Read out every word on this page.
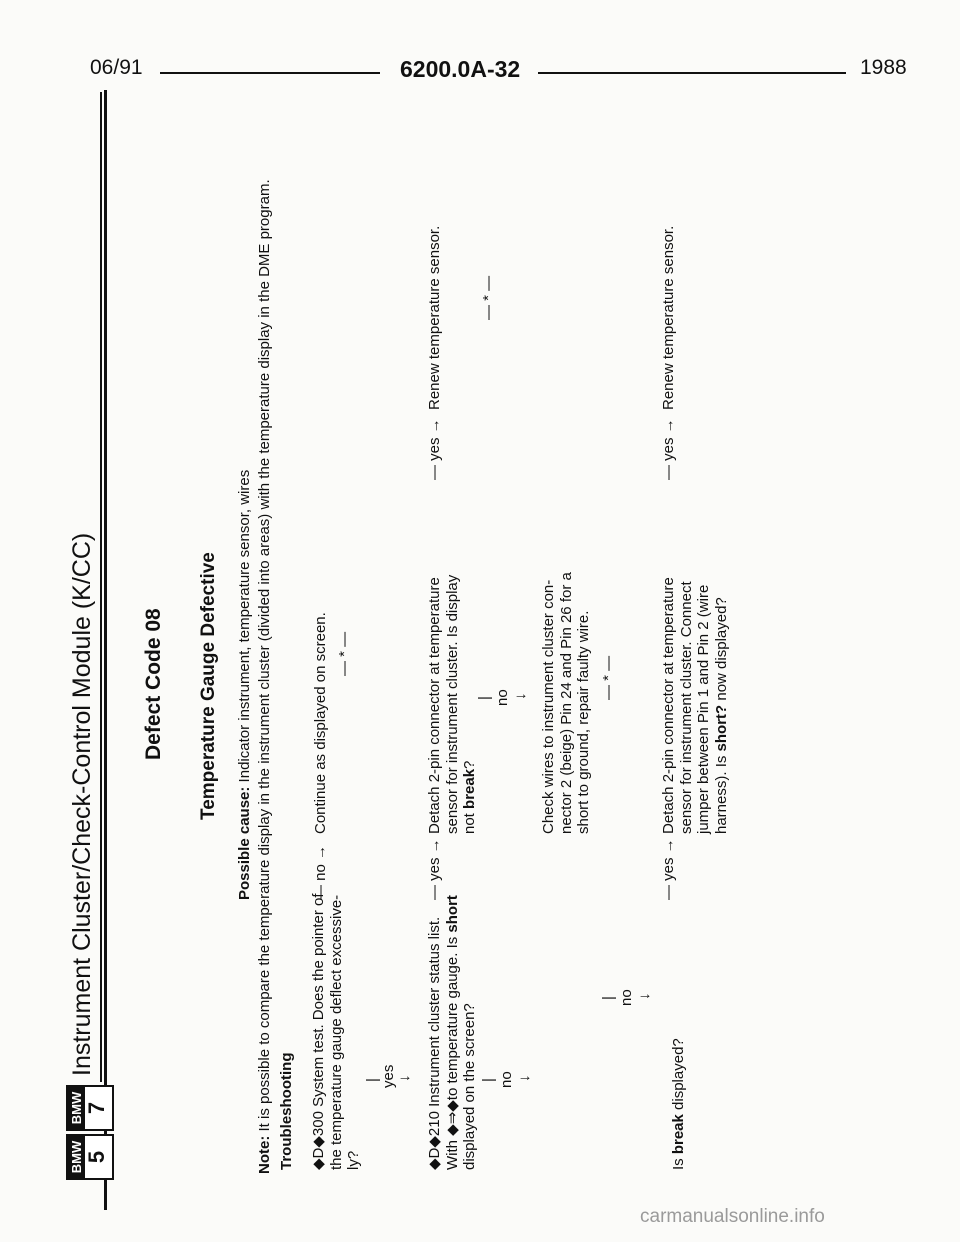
06/91	6200.0A-32	1988
BMW 5
BMW 7
Instrument Cluster/Check-Control Module (K/CC) Defect Code 08 Temperature Gauge Defective
Possible cause: Indicator instrument, temperature sensor, wires
Note: It is possible to compare the temperature display in the instrument cluster (divided into areas) with the temperature display in the DME program. Troubleshooting ◆D◆300 System test. Does the pointer of the temperature gauge deflect excessive- ly?
— no →
Continue as displayed on screen. — * —
| yes ↓ ◆D◆210 Instrument cluster status list. With ◆⇒◆to temperature gauge. Is short
displayed on the screen?
— yes →
Detach 2-pin connector at temperature sensor for instrument cluster. Is display not break?
— yes →
Renew temperature sensor. — * —
| no ↓ Check wires to instrument cluster con- nector 2 (beige) Pin 24 and Pin 26 for a short to ground, repair faulty wire. — * —
| no ↓
| no ↓
Is break displayed?
— yes →
Detach 2-pin connector at temperature sensor for instrument cluster. Connect jumper between Pin 1 and Pin 2 (wire harness). Is short? now displayed?
— yes →
Renew temperature sensor.
carmanualsonline.info
